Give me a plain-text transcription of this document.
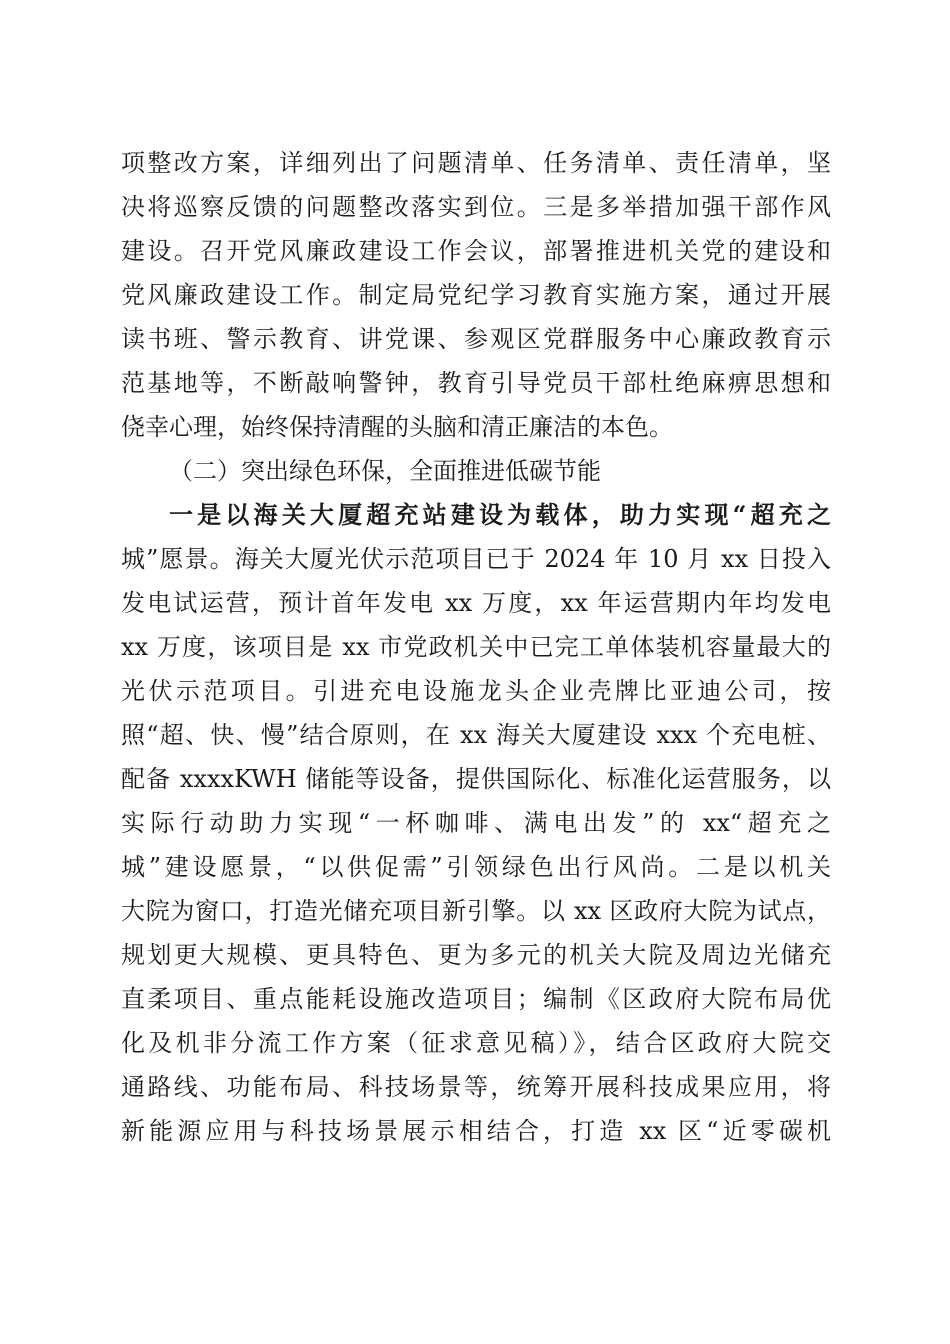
项整改方案，详细列出了问题清单、任务清单、责任清单，坚
决将巡察反馈的问题整改落实到位。三是多举措加强干部作风
建设。召开党风廉政建设工作会议，部署推进机关党的建设和
党风廉政建设工作。制定局党纪学习教育实施方案，通过开展
读书班、警示教育、讲党课、参观区党群服务中心廉政教育示
范基地等，不断敲响警钟，教育引导党员干部杜绝麻痹思想和
侥幸心理，始终保持清醒的头脑和清正廉洁的本色。
（二）突出绿色环保，全面推进低碳节能
一是以海关大厦超充站建设为载体，助力实现“超充之
城”愿景。海关大厦光伏示范项目已于 2024 年 10 月 xx 日投入
发电试运营，预计首年发电 xx 万度，xx 年运营期内年均发电
xx 万度，该项目是 xx 市党政机关中已完工单体装机容量最大的
光伏示范项目。引进充电设施龙头企业壳牌比亚迪公司，按
照“超、快、慢”结合原则，在 xx 海关大厦建设 xxx 个充电桩、
配备 xxxxKWH 储能等设备，提供国际化、标准化运营服务，以
实际行动助力实现“一杯咖啡、满电出发”的 xx“超充之
城”建设愿景，“以供促需”引领绿色出行风尚。二是以机关
大院为窗口，打造光储充项目新引擎。以 xx 区政府大院为试点，
规划更大规模、更具特色、更为多元的机关大院及周边光储充
直柔项目、重点能耗设施改造项目；编制《区政府大院布局优
化及机非分流工作方案（征求意见稿）》，结合区政府大院交
通路线、功能布局、科技场景等，统筹开展科技成果应用，将
新能源应用与科技场景展示相结合，打造 xx 区“近零碳机
